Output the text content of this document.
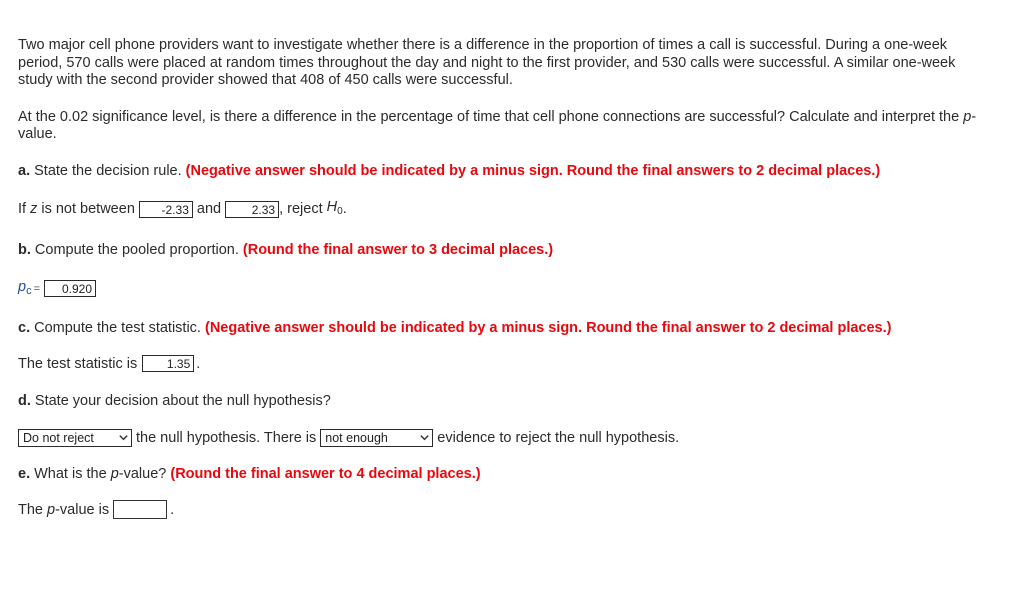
Two major cell phone providers want to investigate whether there is a difference in the proportion of times a call is successful. During a one-week period, 570 calls were placed at random times throughout the day and night to the first provider, and 530 calls were successful. A similar one-week study with the second provider showed that 408 of 450 calls were successful.

At the 0.02 significance level, is there a difference in the percentage of time that cell phone connections are successful? Calculate and interpret the p-value.

a. State the decision rule. (Negative answer should be indicated by a minus sign. Round the final answers to 2 decimal places.)

If z is not between	-2.33 and	2.33 , reject $H_0$ .

b. Compute the pooled proportion. (Round the final answer to 3 decimal places.)

$p_c$ =	0.920

c. Compute the test statistic. (Negative answer should be indicated by a minus sign. Round the final answer to 2 decimal places.)

The test statistic is	1.35 .

d. State your decision about the null hypothesis?

Do not reject	the null hypothesis. There is not enough	evidence to reject the null hypothesis.

e. What is the p -value? (Round the final answer to 4 decimal places.)

The p -value is	.
